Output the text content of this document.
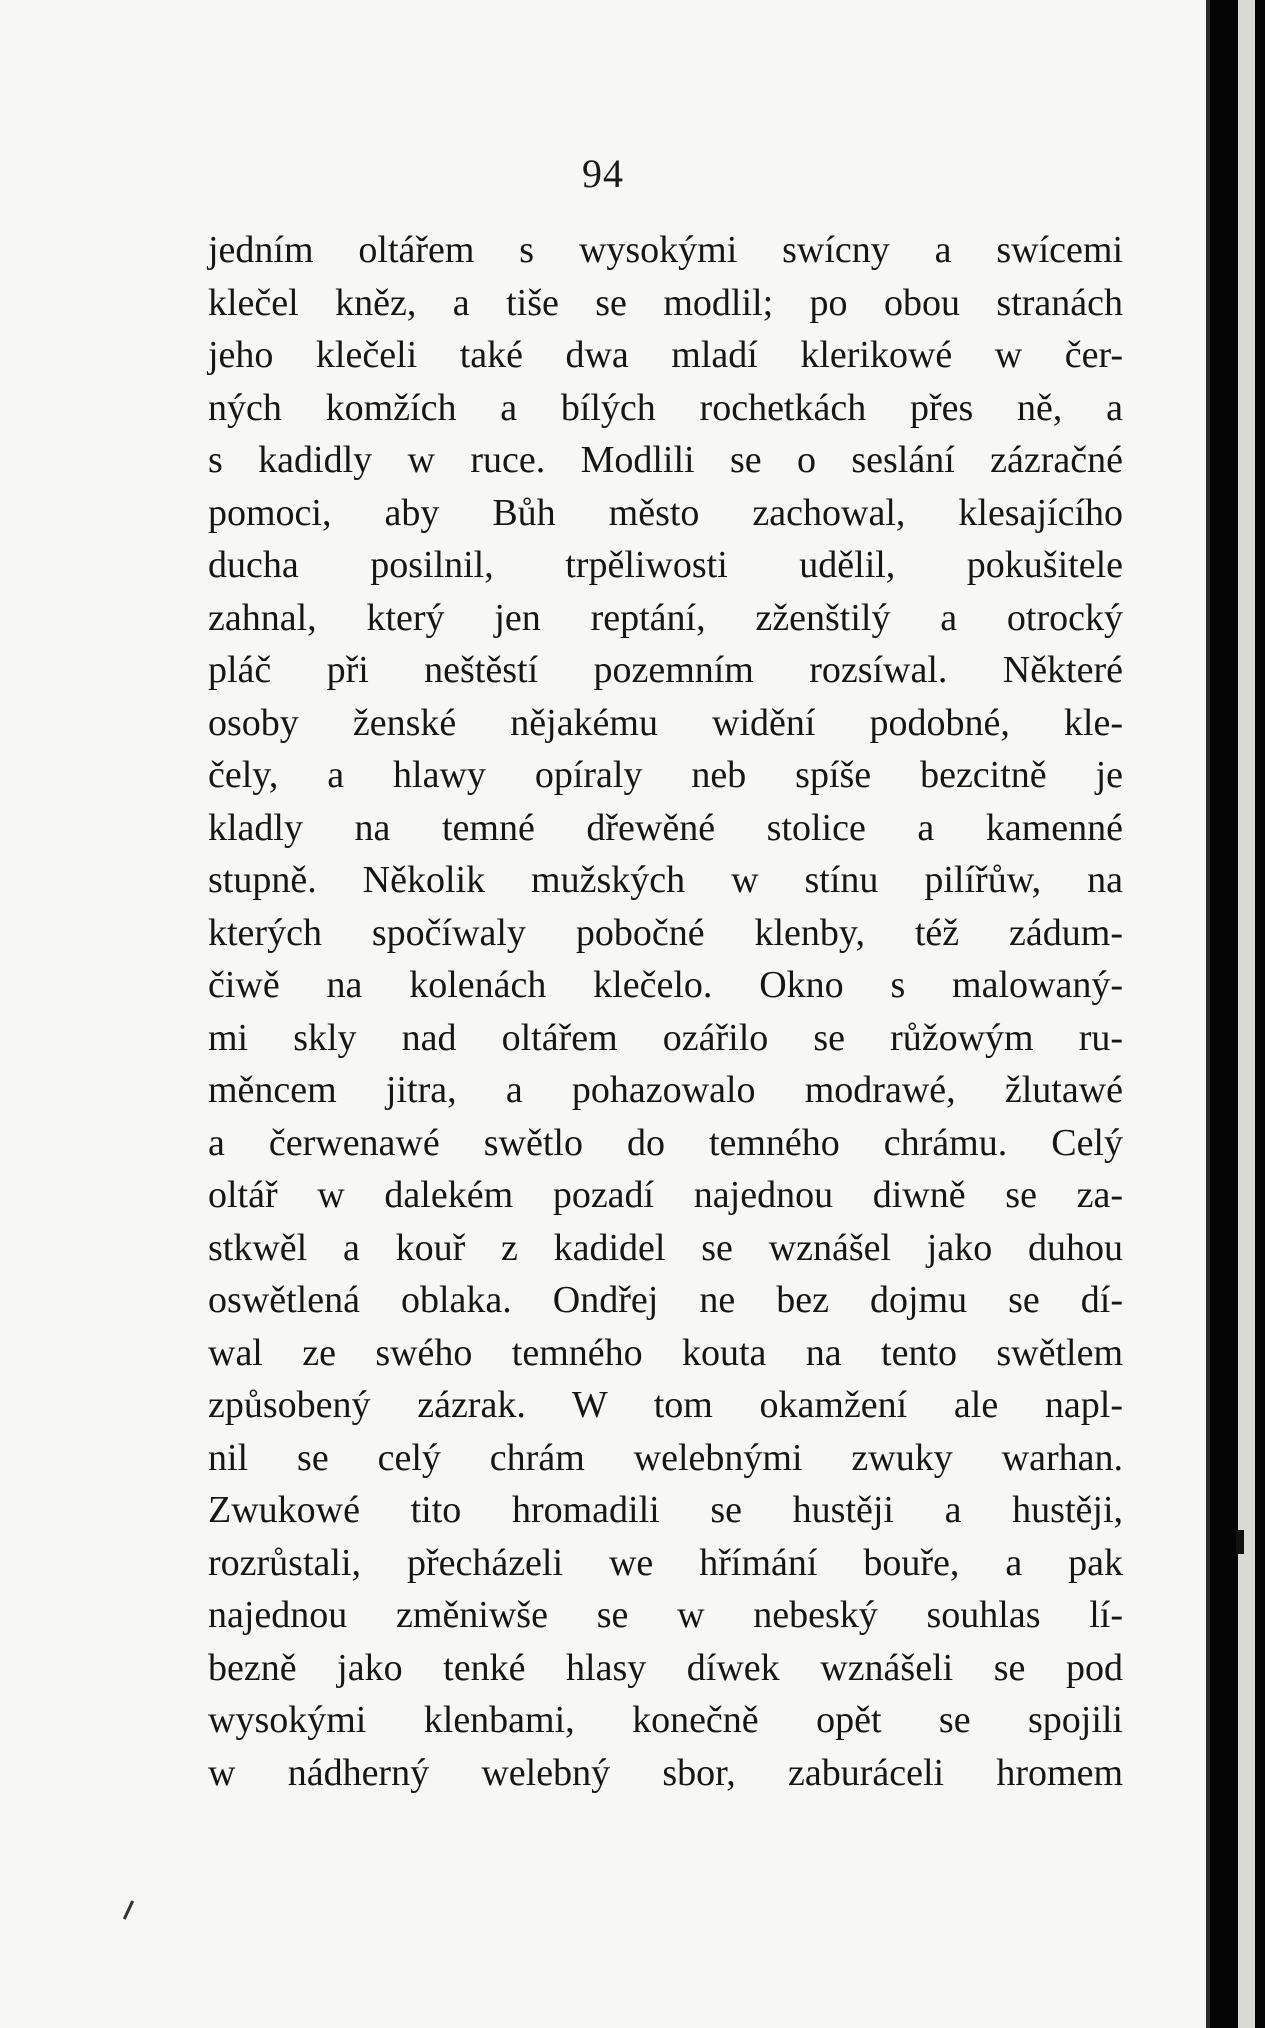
94
jedním oltářem s wysokými swícny a swícemi
klečel kněz, a tiše se modlil; po obou stranách
jeho klečeli také dwa mladí klerikowé w čer-
ných komžích a bílých rochetkách přes ně, a
s kadidly w ruce. Modlili se o seslání zázračné
pomoci, aby Bůh město zachowal, klesajícího
ducha posilnil, trpěliwosti udělil, pokušitele
zahnal, který jen reptání, zženštilý a otrocký
pláč při neštěstí pozemním rozsíwal. Některé
osoby ženské nějakému widění podobné, kle-
čely, a hlawy opíraly neb spíše bezcitně je
kladly na temné dřewěné stolice a kamenné
stupně. Několik mužských w stínu pilířůw, na
kterých spočíwaly pobočné klenby, též zádum-
čiwě na kolenách klečelo. Okno s malowaný-
mi skly nad oltářem ozářilo se růžowým ru-
měncem jitra, a pohazowalo modrawé, žlutawé
a čerwenawé swětlo do temného chrámu. Celý
oltář w dalekém pozadí najednou diwně se za-
stkwěl a kouř z kadidel se wznášel jako duhou
oswětlená oblaka. Ondřej ne bez dojmu se dí-
wal ze swého temného kouta na tento swětlem
způsobený zázrak. W tom okamžení ale napl-
nil se celý chrám welebnými zwuky warhan.
Zwukowé tito hromadili se hustěji a hustěji,
rozrůstali, přecházeli we hřímání bouře, a pak
najednou změniwše se w nebeský souhlas lí-
bezně jako tenké hlasy díwek wznášeli se pod
wysokými klenbami, konečně opět se spojili
w nádherný welebný sbor, zaburáceli hromem
